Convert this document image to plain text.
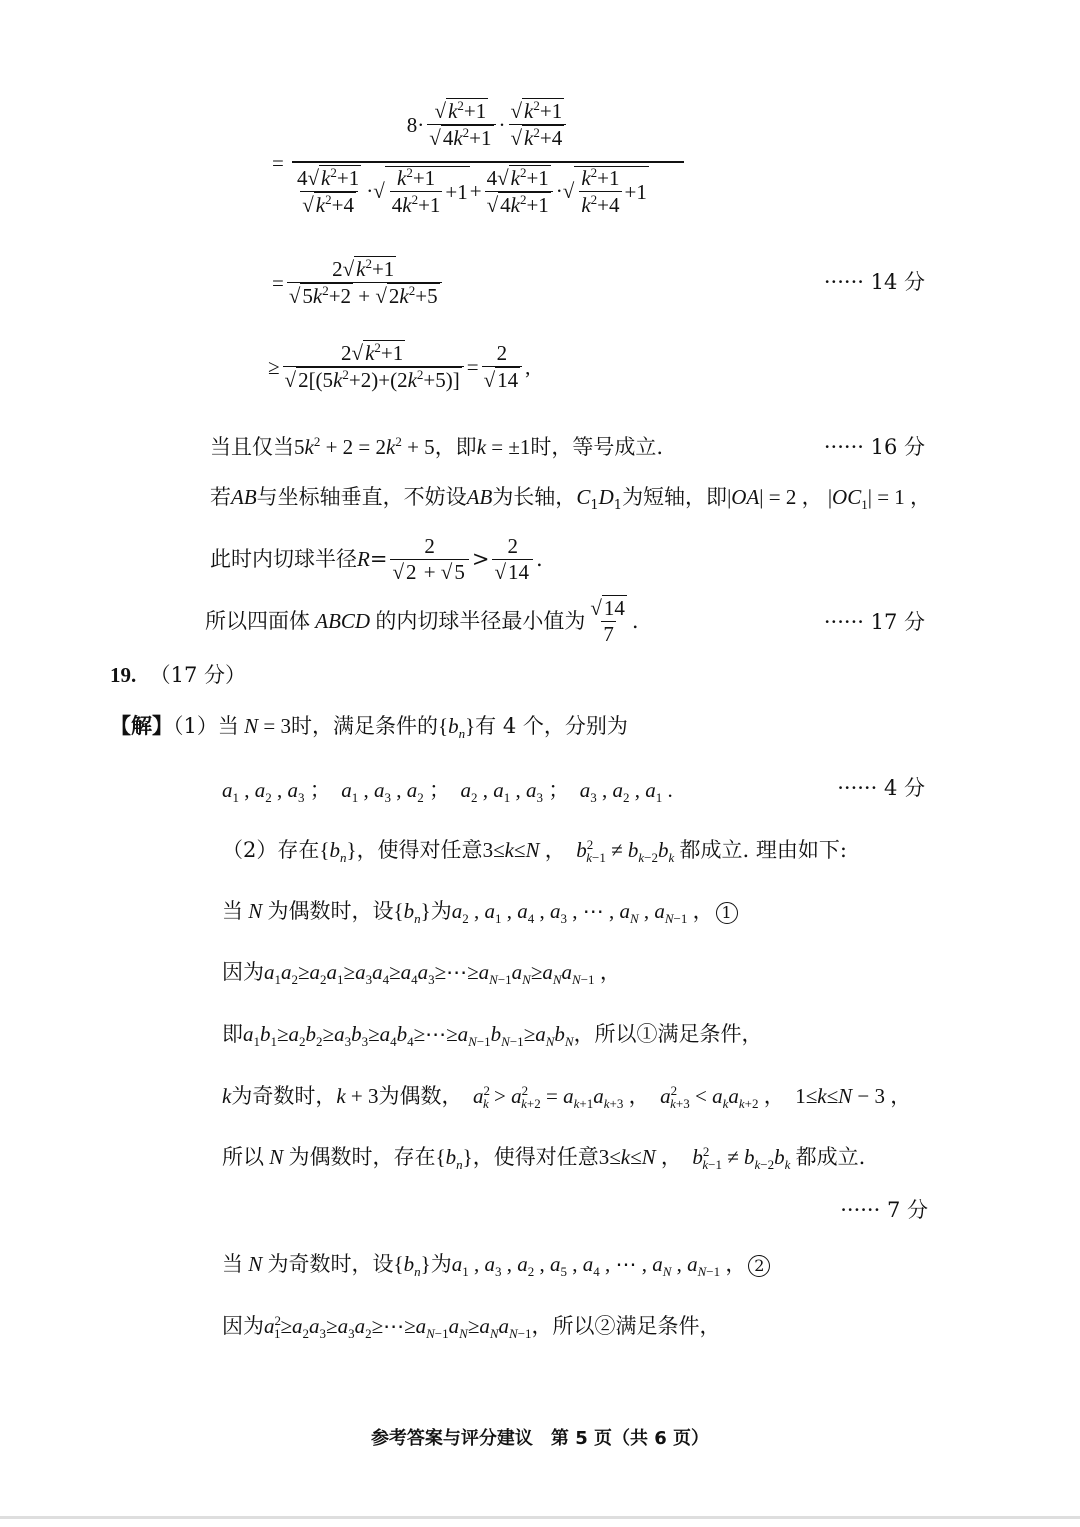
=
$8\cdot \frac{√k^2+1}{√4k^2+1} \cdot \frac{√k^2+1}{√k^2+4}$
$\frac{4√k^2+1}{√k^2+4}$ ·√ $\frac{k^2+1}{4k^2+1} +1 + \frac{4√k^2+1}{√4k^2+1}$ ·√ $\frac{k^2+1}{k^2+4} +1$
= $\frac{2√k^2+1}{√5k^2+2 + √2k^2+5}$	······ 14 分
≥ $\frac{2√k^2+1}{√2[(5k^2+2)+(2k^2+5)]} = \frac{2}{√14}$ ,
当且仅当$5k^2 + 2 = 2k^2 + 5$，即k = ±1时，等号成立.	······ 16 分
若AB与坐标轴垂直，不妨设AB为长轴，$C_1D_1$为短轴，即|OA| = 2 ， $|OC_1| = 1$ ，
此时内切球半径 $R = \frac{2}{√2 + √5} > \frac{2}{√14}$ .
所以四面体 ABCD 的内切球半径最小值为 $\frac{√14}{7}$ .	······ 17 分
19. （17 分）
【解】（1）当 N = 3时，满足条件的$\{b_n\}$有 4 个，分别为
$a_1$ , $a_2$ , $a_3$ ；  $a_1$ , $a_3$ , $a_2$ ；  $a_2$ , $a_1$ , $a_3$ ；  $a_3$ , $a_2$ , $a_1$ .	······ 4 分
（2）存在$\{b_n\}$，使得对任意3≤k≤N ，  $b^2_{k-1} \ne b_{k-2}b_k$ 都成立. 理由如下:
当 N 为偶数时，设$\{b_n\}$为$a_2$ , $a_1$ , $a_4$ , $a_3$ , ⋯ , $a_N$ , $a_{N-1}$ ， 1
因为$a_1a_2\ge a_2a_1\ge a_3a_4\ge a_4a_3\ge\cdots\ge a_{N-1}a_N\ge a_Na_{N-1}$ ，
即$a_1b_1\ge a_2b_2\ge a_3b_3\ge a_4b_4\ge\cdots\ge a_{N-1}b_{N-1}\ge a_Nb_N$，所以①满足条件，
k为奇数时，k + 3为偶数， $a^2_k > a^2_{k+2} = a_{k+1}a_{k+3}$ ，  $a^2_{k+3} < a_ka_{k+2}$ ，  1≤k≤N − 3 ，
所以 N 为偶数时，存在$\{b_n\}$，使得对任意3≤k≤N ，  $b^2_{k-1} \ne b_{k-2}b_k$ 都成立.
······ 7 分
当 N 为奇数时，设$\{b_n\}$为$a_1$ , $a_3$ , $a_2$ , $a_5$ , $a_4$ , ⋯ , $a_N$ , $a_{N-1}$ ， 2
因为$a^2_1\ge a_2a_3\ge a_3a_2\ge\cdots\ge a_{N-1}a_N\ge a_Na_{N-1}$，所以②满足条件，
参考答案与评分建议　第 5 页（共 6 页）
